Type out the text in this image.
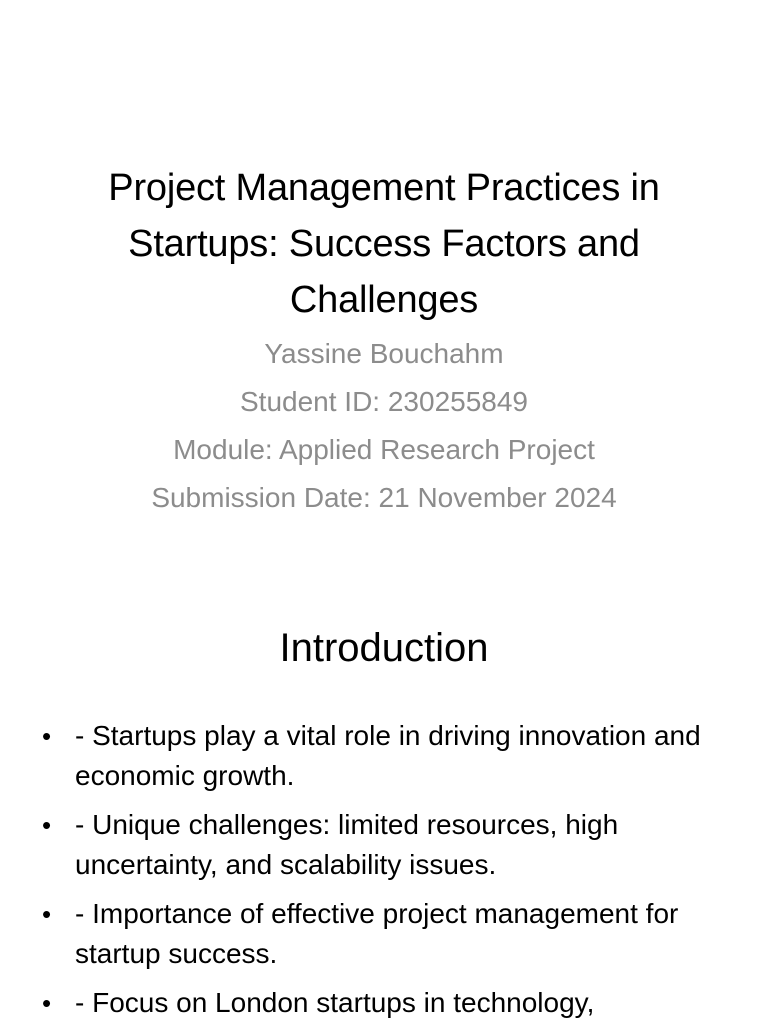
Project Management Practices in Startups: Success Factors and Challenges
Yassine Bouchahm
Student ID: 230255849
Module: Applied Research Project
Submission Date: 21 November 2024
Introduction
• - Startups play a vital role in driving innovation and economic growth.
• - Unique challenges: limited resources, high uncertainty, and scalability issues.
• - Importance of effective project management for startup success.
• - Focus on London startups in technology,
